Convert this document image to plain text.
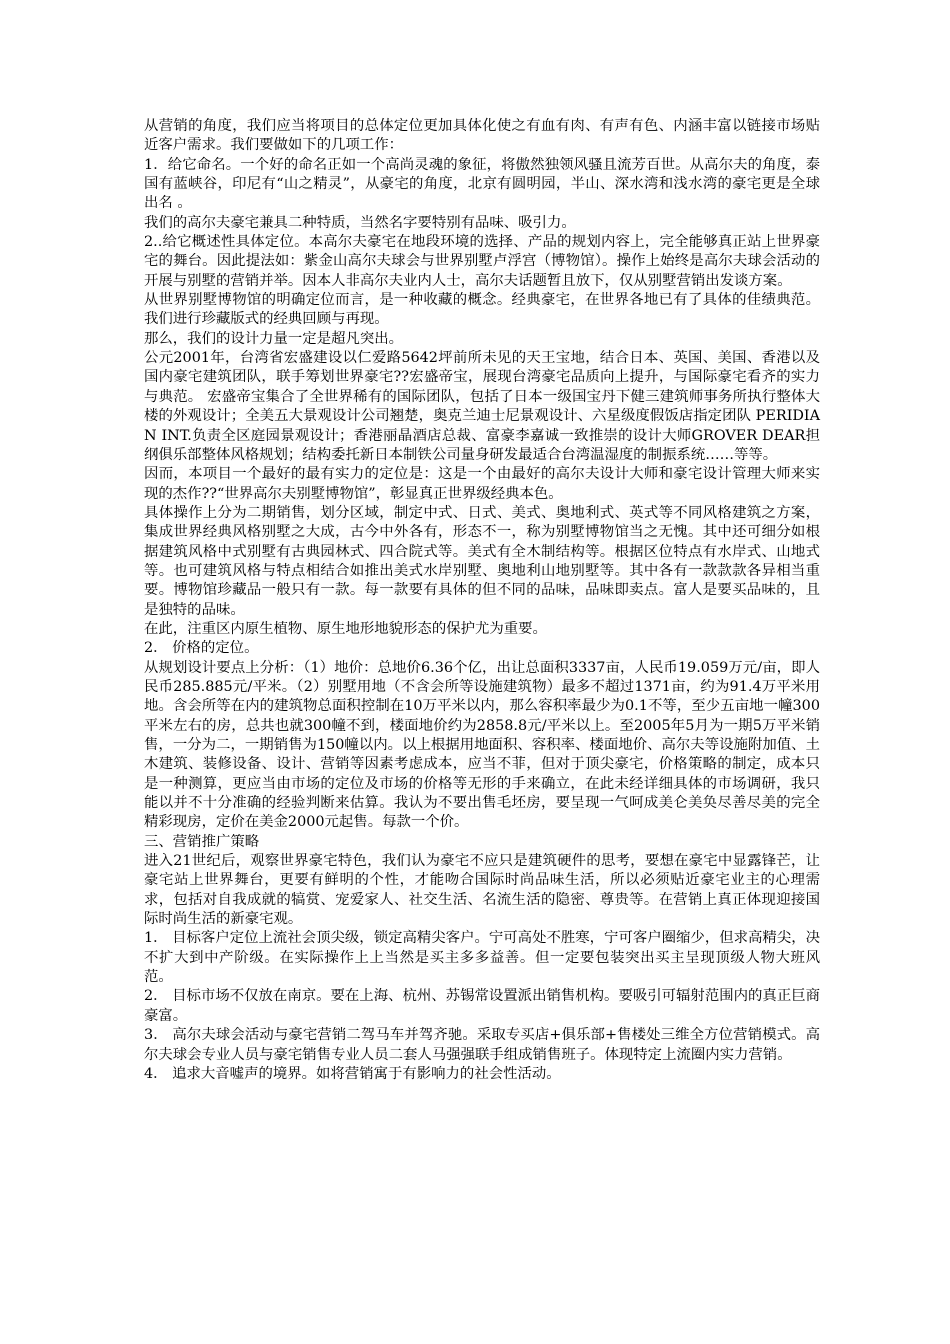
从营销的角度，我们应当将项目的总体定位更加具体化使之有血有肉、有声有色、内涵丰富以链接市场贴近客户需求。我们要做如下的几项工作：

1．给它命名。一个好的命名正如一个高尚灵魂的象征，将傲然独领风骚且流芳百世。从高尔夫的角度，泰国有蓝峡谷，印尼有“山之精灵”，从豪宅的角度，北京有圆明园，半山、深水湾和浅水湾的豪宅更是全球出名 。

我们的高尔夫豪宅兼具二种特质，当然名字要特别有品味、吸引力。

2..给它概述性具体定位。本高尔夫豪宅在地段环境的选择、产品的规划内容上，完全能够真正站上世界豪宅的舞台。因此提法如：紫金山高尔夫球会与世界别墅卢浮宫（博物馆）。操作上始终是高尔夫球会活动的开展与别墅的营销并举。因本人非高尔夫业内人士，高尔夫话题暂且放下，仅从别墅营销出发谈方案。

从世界别墅博物馆的明确定位而言，是一种收藏的概念。经典豪宅，在世界各地已有了具体的佳绩典范。我们进行珍藏版式的经典回顾与再现。

那么，我们的设计力量一定是超凡突出。

公元2001年，台湾省宏盛建设以仁爱路5642坪前所未见的天王宝地，结合日本、英国、美国、香港以及国内豪宅建筑团队，联手筹划世界豪宅??宏盛帝宝，展现台湾豪宅品质向上提升，与国际豪宅看齐的实力与典范。 宏盛帝宝集合了全世界稀有的国际团队，包括了日本一级国宝丹下健三建筑师事务所执行整体大楼的外观设计；全美五大景观设计公司翘楚，奥克兰迪士尼景观设计、六星级度假饭店指定团队 PERIDIAN INT.负责全区庭园景观设计；香港丽晶酒店总裁、富豪李嘉诚一致推崇的设计大师GROVER DEAR担纲俱乐部整体风格规划；结构委托新日本制铁公司量身研发最适合台湾温湿度的制振系统……等等。

因而，本项目一个最好的最有实力的定位是：这是一个由最好的高尔夫设计大师和豪宅设计管理大师来实现的杰作??“世界高尔夫别墅博物馆”，彰显真正世界级经典本色。

具体操作上分为二期销售，划分区域，制定中式、日式、美式、奥地利式、英式等不同风格建筑之方案，集成世界经典风格别墅之大成，古今中外各有，形态不一，称为别墅博物馆当之无愧。其中还可细分如根据建筑风格中式别墅有古典园林式、四合院式等。美式有全木制结构等。根据区位特点有水岸式、山地式等。也可建筑风格与特点相结合如推出美式水岸别墅、奥地利山地别墅等。其中各有一款款款各异相当重要。博物馆珍藏品一般只有一款。每一款要有具体的但不同的品味，品味即卖点。富人是要买品味的，且是独特的品味。

在此，注重区内原生植物、原生地形地貌形态的保护尤为重要。

2． 价格的定位。

从规划设计要点上分析：（1）地价：总地价6.36个亿，出让总面积3337亩，人民币19.059万元/亩，即人民币285.885元/平米。（2）别墅用地（不含会所等设施建筑物）最多不超过1371亩，约为91.4万平米用地。含会所等在内的建筑物总面积控制在10万平米以内，那么容积率最少为0.1不等，至少五亩地一幢300平米左右的房，总共也就300幢不到，楼面地价约为2858.8元/平米以上。至2005年5月为一期5万平米销售，一分为二，一期销售为150幢以内。以上根据用地面积、容积率、楼面地价、高尔夫等设施附加值、土木建筑、装修设备、设计、营销等因素考虑成本，应当不菲，但对于顶尖豪宅，价格策略的制定，成本只是一种测算，更应当由市场的定位及市场的价格等无形的手来确立，在此未经详细具体的市场调研，我只能以并不十分准确的经验判断来估算。我认为不要出售毛坯房，要呈现一气呵成美仑美奂尽善尽美的完全精彩现房，定价在美金2000元起售。每款一个价。

三、营销推广策略

进入21世纪后，观察世界豪宅特色，我们认为豪宅不应只是建筑硬件的思考，要想在豪宅中显露锋芒，让豪宅站上世界舞台，更要有鲜明的个性，才能吻合国际时尚品味生活，所以必须贴近豪宅业主的心理需求，包括对自我成就的犒赏、宠爱家人、社交生活、名流生活的隐密、尊贵等。在营销上真正体现迎接国际时尚生活的新豪宅观。

1． 目标客户定位上流社会顶尖级，锁定高精尖客户。宁可高处不胜寒，宁可客户圈缩少，但求高精尖，决不扩大到中产阶级。在实际操作上上当然是买主多多益善。但一定要包装突出买主呈现顶级人物大班风范。

2． 目标市场不仅放在南京。要在上海、杭州、苏锡常设置派出销售机构。要吸引可辐射范围内的真正巨商豪富。

3． 高尔夫球会活动与豪宅营销二驾马车并驾齐驰。采取专买店+俱乐部+售楼处三维全方位营销模式。高尔夫球会专业人员与豪宅销售专业人员二套人马强强联手组成销售班子。体现特定上流圈内实力营销。

4． 追求大音嘘声的境界。如将营销寓于有影响力的社会性活动。
